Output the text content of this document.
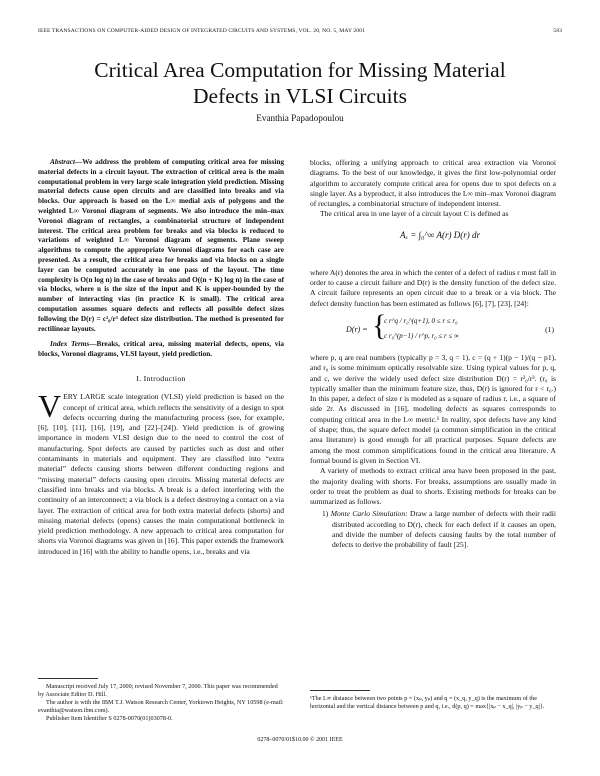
IEEE TRANSACTIONS ON COMPUTER-AIDED DESIGN OF INTEGRATED CIRCUITS AND SYSTEMS, VOL. 20, NO. 5, MAY 2001	583
Critical Area Computation for Missing Material
Defects in VLSI Circuits
Evanthia Papadopoulou

Abstract—We address the problem of computing critical area for missing material defects in a circuit layout. The extraction of critical area is the main computational problem in very large scale integration yield prediction. Missing material defects cause open circuits and are classified into breaks and via blocks. Our approach is based on the L∞ medial axis of polygons and the weighted L∞ Voronoi diagram of segments. We also introduce the min–max Voronoi diagram of rectangles, a combinatorial structure of independent interest. The critical area problem for breaks and via blocks is reduced to variations of weighted L∞ Voronoi diagram of segments. Plane sweep algorithms to compute the appropriate Voronoi diagrams for each case are presented. As a result, the critical area for breaks and via blocks on a single layer can be computed accurately in one pass of the layout. The time complexity is O(n log n) in the case of breaks and O((n + K) log n) in the case of via blocks, where n is the size of the input and K is upper-bounded by the number of interacting vias (in practice K is small). The critical area computation assumes square defects and reflects all possible defect sizes following the D(r) = c²₀/r³ defect size distribution. The method is presented for rectilinear layouts.

Index Terms—Breaks, critical area, missing material defects, opens, via blocks, Voronoi diagrams, VLSI layout, yield prediction.

I. Introduction

VERY LARGE scale integration (VLSI) yield prediction is based on the concept of critical area, which reflects the sensitivity of a design to spot defects occurring during the manufacturing process (see, for example, [6], [10], [11], [16], [19], and [22]–[24]). Yield prediction is of growing importance in modern VLSI design due to the need to control the cost of manufacturing. Spot defects are caused by particles such as dust and other contaminants in materials and equipment. They are classified into “extra material” defects causing shorts between different conducting regions and “missing material” defects causing open circuits. Missing material defects are classified into breaks and via blocks. A break is a defect interfering with the continuity of an interconnect; a via block is a defect destroying a contact on a via layer. The extraction of critical area for both extra material defects (shorts) and missing material defects (opens) causes the main computational bottleneck in yield prediction methodology. A new approach to critical area computation for shorts via Voronoi diagrams was given in [16]. This paper extends the framework introduced in [16] with the ability to handle opens, i.e., breaks and via

Manuscript received July 17, 2000; revised November 7, 2000. This paper was recommended by Associate Editor D. Hill.

The author is with the IBM T.J. Watson Research Center, Yorktown Heights, NY 10598 (e-mail: evanthia@watson.ibm.com).

Publisher Item Identifier S 0278-0070(01)03078-0.

blocks, offering a unifying approach to critical area extraction via Voronoi diagrams. To the best of our knowledge, it gives the first low-polynomial order algorithm to accurately compute critical area for opens due to spot defects on a single layer. As a byproduct, it also introduces the L∞ min–max Voronoi diagram of rectangles, a combinatorial structure of independent interest.

The critical area in one layer of a circuit layout C is defined as

Aₓ = ∫₀^∞ A(r) D(r) dr

where A(r) denotes the area in which the center of a defect of radius r must fall in order to cause a circuit failure and D(r) is the density function of the defect size. A circuit failure represents an open circuit due to a break or a via block. The defect density function has been estimated as follows [6], [7], [23], [24]:

D(r) = {
c r^q / r₀^(q+1), 0 ≤ r ≤ r₀
c r₀^(p−1) / r^p, r₀ ≤ r ≤ ∞
(1)

where p, q are real numbers (typically p = 3, q = 1), c = (q + 1)(p − 1)/(q − p1), and r₀ is some minimum optically resolvable size. Using typical values for p, q, and c, we derive the widely used defect size distribution D(r) = r²₀/r³. (r₀ is typically smaller than the minimum feature size, thus, D(r) is ignored for r < r₀.) In this paper, a defect of size r is modeled as a square of radius r, i.e., a square of side 2r. As discussed in [16], modeling defects as squares corresponds to computing critical area in the L∞ metric.¹ In reality, spot defects have any kind of shape; thus, the square defect model (a common simplification in the critical area literature) is good enough for all practical purposes. Square defects are among the most common simplifications found in the critical area literature. A formal bound is given in Section VI.

A variety of methods to extract critical area have been proposed in the past, the majority dealing with shorts. For breaks, assumptions are usually made in order to treat the problem as dual to shorts. Existing methods for breaks can be summarized as follows.

1) Monte Carlo Simulation: Draw a large number of defects with their radii distributed according to D(r), check for each defect if it causes an open, and divide the number of defects causing faults by the total number of defects to derive the probability of fault [25].

¹The L∞ distance between two points p = (xₚ, yₚ) and q = (x_q, y_q) is the maximum of the horizontal and the vertical distance between p and q, i.e., d(p, q) = max{|xₚ − x_q|, |yₚ − y_q|}.

0278–0070/01$10.00 © 2001 IEEE
